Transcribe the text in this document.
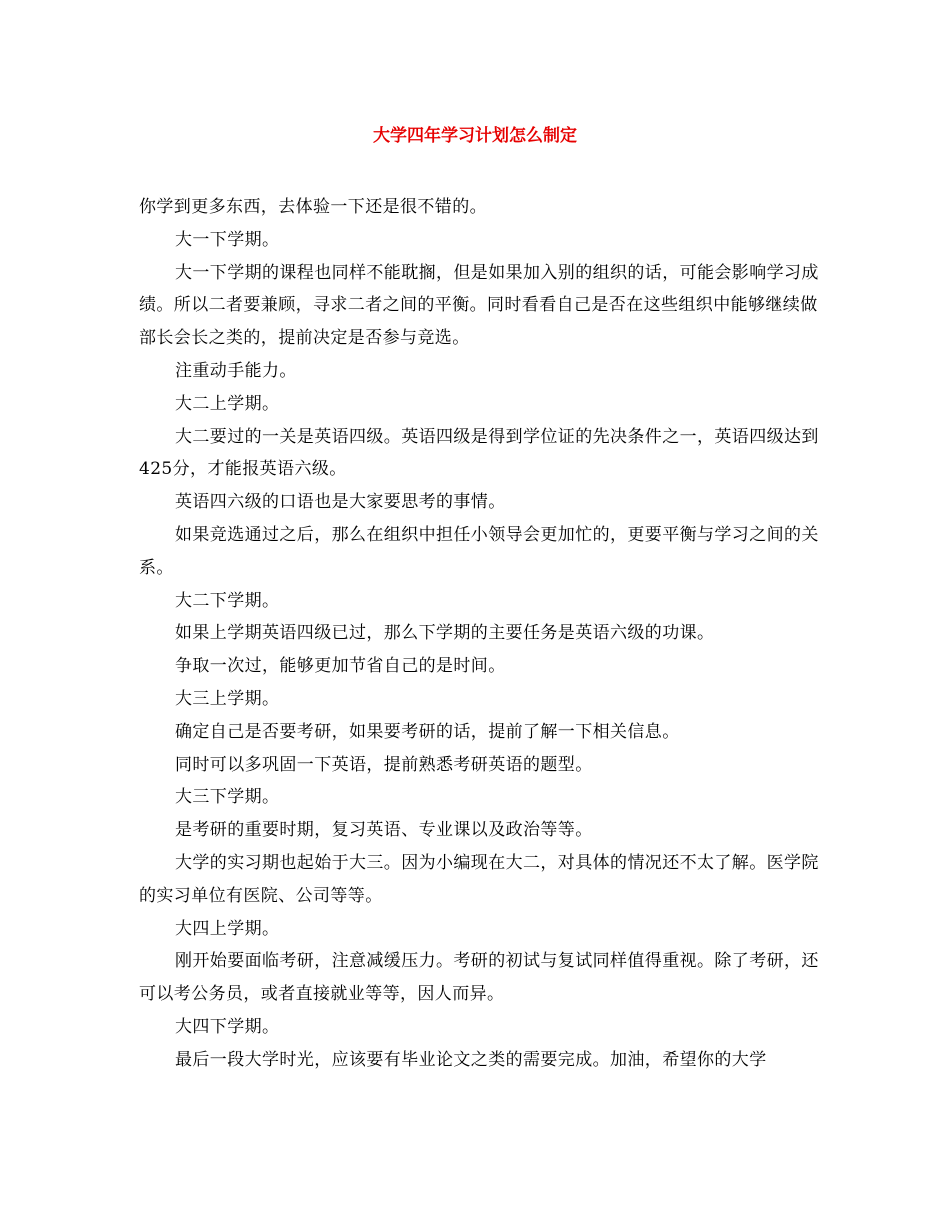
大学四年学习计划怎么制定

你学到更多东西，去体验一下还是很不错的。

大一下学期。

大一下学期的课程也同样不能耽搁，但是如果加入别的组织的话，可能会影响学习成绩。所以二者要兼顾，寻求二者之间的平衡。同时看看自己是否在这些组织中能够继续做部长会长之类的，提前决定是否参与竞选。

注重动手能力。

大二上学期。

大二要过的一关是英语四级。英语四级是得到学位证的先决条件之一，英语四级达到425分，才能报英语六级。

英语四六级的口语也是大家要思考的事情。

如果竞选通过之后，那么在组织中担任小领导会更加忙的，更要平衡与学习之间的关系。

大二下学期。

如果上学期英语四级已过，那么下学期的主要任务是英语六级的功课。

争取一次过，能够更加节省自己的是时间。

大三上学期。

确定自己是否要考研，如果要考研的话，提前了解一下相关信息。

同时可以多巩固一下英语，提前熟悉考研英语的题型。

大三下学期。

是考研的重要时期，复习英语、专业课以及政治等等。

大学的实习期也起始于大三。因为小编现在大二，对具体的情况还不太了解。医学院的实习单位有医院、公司等等。

大四上学期。

刚开始要面临考研，注意减缓压力。考研的初试与复试同样值得重视。除了考研，还可以考公务员，或者直接就业等等，因人而异。

大四下学期。

最后一段大学时光，应该要有毕业论文之类的需要完成。加油，希望你的大学
